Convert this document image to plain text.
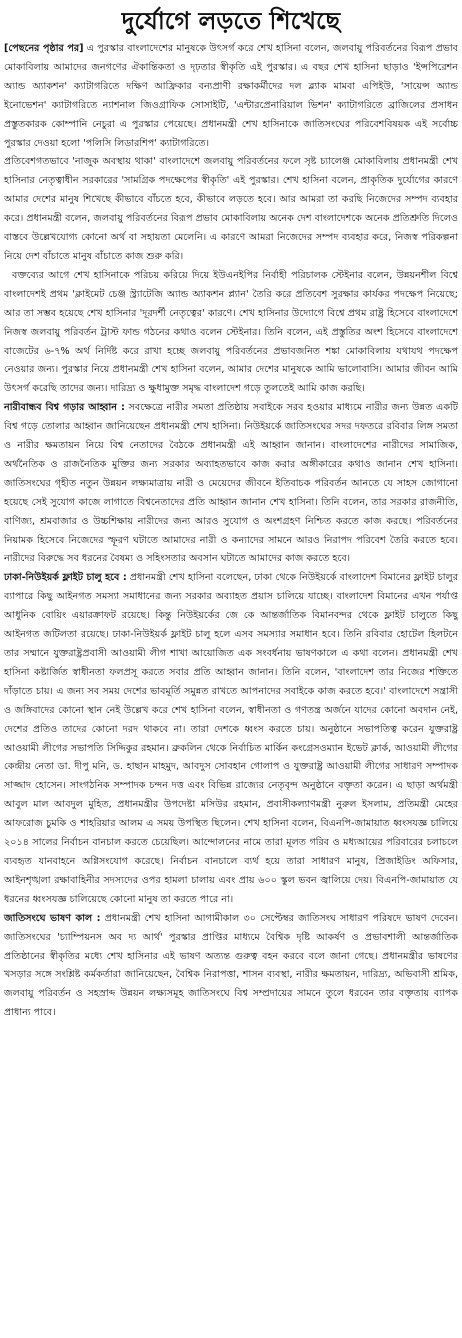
দুর্যোগে লড়তে শিখেছে

[পেছনের পৃষ্ঠার পর] এ পুরস্কার বাংলাদেশের মানুষকে উৎসর্গ করে শেখ হাসিনা বলেন, জলবায়ু পরিবর্তনের বিরূপ প্রভাব মোকাবিলায় আমাদের জনগণের ঐকান্তিকতা ও দৃঢ়তার স্বীকৃতি এই পুরস্কার। এ বছর শেখ হাসিনা ছাড়াও 'ইন্সপিরেশন অ্যান্ড অ্যাকশন' ক্যাটাগরিতে দক্ষিণ আফ্রিকার বন্যপ্রাণী রক্ষাকর্মীদের দল ব্ল্যাক মামবা এপিইউ, 'সায়েন্স অ্যান্ড ইনোভেশন' ক্যাটাগরিতে ন্যাশনাল জিওগ্রাফিক সোসাইটি, 'এন্টারপ্রেনারিয়াল ভিশন' ক্যাটাগরিতে ব্রাজিলের প্রসাধন প্রস্তুতকারক কোম্পানি নেচুরা এ পুরস্কার পেয়েছে। প্রধানমন্ত্রী শেখ হাসিনাকে জাতিসংঘের পরিবেশবিষয়ক এই সর্বোচ্চ পুরস্কার দেওয়া হলো 'পলিসি লিডারশিপ' ক্যাটাগরিতে।

প্রতিবেশগতভাবে 'নাজুক অবস্থায় থাকা' বাংলাদেশে জলবায়ু পরিবর্তনের ফলে সৃষ্ট চ্যালেঞ্জ মোকাবিলায় প্রধানমন্ত্রী শেখ হাসিনার নেতৃত্বাধীন সরকারের 'সামগ্রিক পদক্ষেপের স্বীকৃতি' এই পুরস্কার। শেখ হাসিনা বলেন, প্রাকৃতিক দুর্যোগের কারণে আমার দেশের মানুষ শিখেছে কীভাবে বাঁচতে হবে, কীভাবে লড়তে হবে। আর আমরা তা করছি নিজেদের সম্পদ ব্যবহার করে। প্রধানমন্ত্রী বলেন, জলবায়ু পরিবর্তনের বিরূপ প্রভাব মোকাবিলায় অনেক দেশ বাংলাদেশকে অনেক প্রতিশ্রুতি দিলেও বাস্তবে উল্লেখযোগ্য কোনো অর্থ বা সহায়তা মেলেনি। এ কারণে আমরা নিজেদের সম্পদ ব্যবহার করে, নিজস্ব পরিকল্পনা নিয়ে দেশ বাঁচাতে মানুষ বাঁচাতে কাজ শুরু করি।

বক্তব্যের আগে শেখ হাসিনাকে পরিচয় করিয়ে দিয়ে ইউএনইপির নির্বাহী পরিচালক স্টেইনার বলেন, উন্নয়নশীল বিশ্বে বাংলাদেশই প্রথম 'ক্লাইমেট চেঞ্জ স্ট্র্যাটেজি অ্যান্ড অ্যাকশন প্ল্যান' তৈরি করে প্রতিবেশ সুরক্ষার কার্যকর পদক্ষেপ নিয়েছে; আর তা সম্ভব হয়েছে শেখ হাসিনার 'দূরদর্শী নেতৃত্বের' কারণে। শেখ হাসিনার উদ্যোগে বিশ্বে প্রথম রাষ্ট্র হিসেবে বাংলাদেশে নিজস্ব জলবায়ু পরিবর্তন ট্রাস্ট ফান্ড গঠনের কথাও বলেন স্টেইনার। তিনি বলেন, এই প্রস্তুতির অংশ হিসেবে বাংলাদেশে বাজেটের ৬-৭% অর্থ নির্দিষ্ট করে রাখা হচ্ছে জলবায়ু পরিবর্তনের প্রভাবজনিত শঙ্কা মোকাবিলায় যথাযথ পদক্ষেপ নেওয়ার জন্য। পুরস্কার নিয়ে প্রধানমন্ত্রী শেখ হাসিনা বলেন, আমার দেশের মানুষকে আমি ভালোবাসি। আমার জীবন আমি উৎসর্গ করেছি তাদের জন্য। দারিদ্র্য ও ক্ষুধামুক্ত সমৃদ্ধ বাংলাদেশ গড়ে তুলতেই আমি কাজ করছি।

নারীবান্ধব বিশ্ব গড়ার আহ্বান : সবক্ষেত্রে নারীর সমতা প্রতিষ্ঠায় সবাইকে সরব হওয়ার মাধ্যমে নারীর জন্য উন্নত একটি বিশ্ব গড়ে তোলার আহ্বান জানিয়েছেন প্রধানমন্ত্রী শেখ হাসিনা। নিউইয়র্কে জাতিসংঘের সদর দফতরে রবিবার লিঙ্গ সমতা ও নারীর ক্ষমতায়ন নিয়ে বিশ্ব নেতাদের বৈঠকে প্রধানমন্ত্রী এই আহ্বান জানান। বাংলাদেশের নারীদের সামাজিক, অর্থনৈতিক ও রাজনৈতিক মুক্তির জন্য সরকার অব্যাহতভাবে কাজ করার অঙ্গীকারের কথাও জানান শেখ হাসিনা। জাতিসংঘের গৃহীত নতুন উন্নয়ন লক্ষ্যমাত্রায় নারী ও মেয়েদের জীবনে ইতিবাচক পরিবর্তন আনতে যে সাহস জোগানো হয়েছে সেই সুযোগ কাজে লাগাতে বিশ্বনেতাদের প্রতি আহ্বান জানান শেখ হাসিনা। তিনি বলেন, তার সরকার রাজনীতি, বাণিজ্য, শ্রমবাজার ও উচ্চশিক্ষায় নারীদের জন্য আরও সুযোগ ও অংশগ্রহণ নিশ্চিত করতে কাজ করছে। পরিবর্তনের নিয়ামক হিসেবে নিজেদের স্ফূরণ ঘটাতে আমাদের নারী ও কন্যাদের সামনে আরও নিরাপদ পরিবেশ তৈরি করতে হবে। নারীদের বিরুদ্ধে সব ধরনের বৈষম্য ও সহিংসতার অবসান ঘটাতে আমাদের কাজ করতে হবে।

ঢাকা-নিউইয়র্ক ফ্লাইট চালু হবে : প্রধানমন্ত্রী শেখ হাসিনা বলেছেন, ঢাকা থেকে নিউইয়র্কে বাংলাদেশ বিমানের ফ্লাইট চালুর ব্যাপারে কিছু আইনগত সমস্যা সমাধানের জন্য সরকার অব্যাহত প্রয়াস চালিয়ে যাচ্ছে। বাংলাদেশ বিমানের এখন পর্যাপ্ত আধুনিক বোয়িং এয়ারক্রাফট রয়েছে। কিন্তু নিউইয়র্কের জে কে আন্তর্জাতিক বিমানবন্দর থেকে ফ্লাইট চালুতে কিছু আইনগত জটিলতা রয়েছে। ঢাকা-নিউইয়র্ক ফ্লাইট চালু হলে এসব সমস্যার সমাধান হবে। তিনি রবিবার হোটেল হিলটনে তার সম্মানে যুক্তরাষ্ট্রপ্রবাসী আওয়ামী লীগ শাখা আয়োজিত এক সংবর্ধনায় ভাষণকালে এ কথা বলেন। প্রধানমন্ত্রী শেখ হাসিনা কষ্টার্জিত স্বাধীনতা ফলপ্রসূ করতে সবার প্রতি আহ্বান জানান। তিনি বলেন, 'বাংলাদেশ তার নিজের শক্তিতে দাঁড়াতে চায়। এ জন্য সব সময় দেশের ভাবমূর্তি সমুন্নত রাখতে আপনাদের সবাইকে কাজ করতে হবে।' বাংলাদেশে সন্ত্রাসী ও জঙ্গিবাদের কোনো স্থান নেই উল্লেখ করে শেখ হাসিনা বলেন, স্বাধীনতা ও গণতন্ত্র অর্জনে যাদের কোনো অবদান নেই, দেশের প্রতিও তাদের কোনো দরদ থাকবে না। তারা দেশকে ধ্বংস করতে চায়। অনুষ্ঠানে সভাপতিত্ব করেন যুক্তরাষ্ট্র আওয়ামী লীগের সভাপতি সিদ্দিকুর রহমান। ব্রুকলিন থেকে নির্বাচিত মার্কিন কংগ্রেসওম্যান ইভেট ক্লার্ক, আওয়ামী লীগের কেন্দ্রীয় নেতা ডা. দীপু মনি, ড. হাছান মাহমুদ, আবদুস সোবহান গোলাপ ও যুক্তরাষ্ট্র আওয়ামী লীগের সাধারণ সম্পাদক সাজ্জাদ হোসেন। সাংগঠনিক সম্পাদক চন্দন দত্ত এবং বিভিন্ন রাজ্যের নেতৃবৃন্দ অনুষ্ঠানে বক্তৃতা করেন। এ ছাড়া অর্থমন্ত্রী আবুল মাল আবদুল মুহিত, প্রধানমন্ত্রীর উপদেষ্টা মসিউর রহমান, প্রবাসীকল্যাণমন্ত্রী নুরুল ইসলাম, প্রতিমন্ত্রী মেহের আফরোজ চুমকি ও শাহরিয়ার আলম এ সময় উপস্থিত ছিলেন। শেখ হাসিনা বলেন, বিএনপি-জামায়াত ধ্বংসযজ্ঞ চালিয়ে ২০১৪ সালের নির্বাচন বানচাল করতে চেয়েছিল। আন্দোলনের নামে তারা মূলত গরিব ও মধ্যআয়ের পরিবারের চলাচলে ব্যবহৃত যানবাহনে অগ্নিসংযোগ করেছে। নির্বাচন বানচালে ব্যর্থ হয়ে তারা সাধারণ মানুষ, প্রিজাইডিং অফিসার, আইনশৃঙ্খলা রক্ষাবাহিনীর সদস্যদের ওপর হামলা চালায় এবং প্রায় ৬০০ স্কুল ভবন জ্বালিয়ে দেয়। বিএনপি-জামায়াত যে ধরনের ধ্বংসযজ্ঞ চালিয়েছে কোনো মানুষ তা করতে পারে না।

জাতিসংঘে ভাষণ কাল : প্রধানমন্ত্রী শেখ হাসিনা আগামীকাল ৩০ সেপ্টেম্বর জাতিসংঘ সাধারণ পরিষদে ভাষণ দেবেন। জাতিসংঘের 'চ্যাম্পিয়নস অব দ্য আর্থ' পুরস্কার প্রাপ্তির মাধ্যমে বৈশ্বিক দৃষ্টি আকর্ষণ ও প্রভাবশালী আন্তর্জাতিক প্রতিষ্ঠানের স্বীকৃতির মধ্যে শেখ হাসিনার এই ভাষণ অত্যন্ত গুরুত্ব বহন করবে বলে জানা গেছে। প্রধানমন্ত্রীর ভাষণের খসড়ার সঙ্গে সংশ্লিষ্ট কর্মকর্তারা জানিয়েছেন, বৈশ্বিক নিরাপত্তা, শাসন ব্যবস্থা, নারীর ক্ষমতায়ন, দারিদ্র্য, অভিবাসী শ্রমিক, জলবায়ু পরিবর্তন ও সহস্রাব্দ উন্নয়ন লক্ষ্যসমূহ জাতিসংঘে বিশ্ব সম্প্রদায়ের সামনে তুলে ধরবেন তার বক্তৃতায় ব্যাপক প্রাধান্য পাবে।
